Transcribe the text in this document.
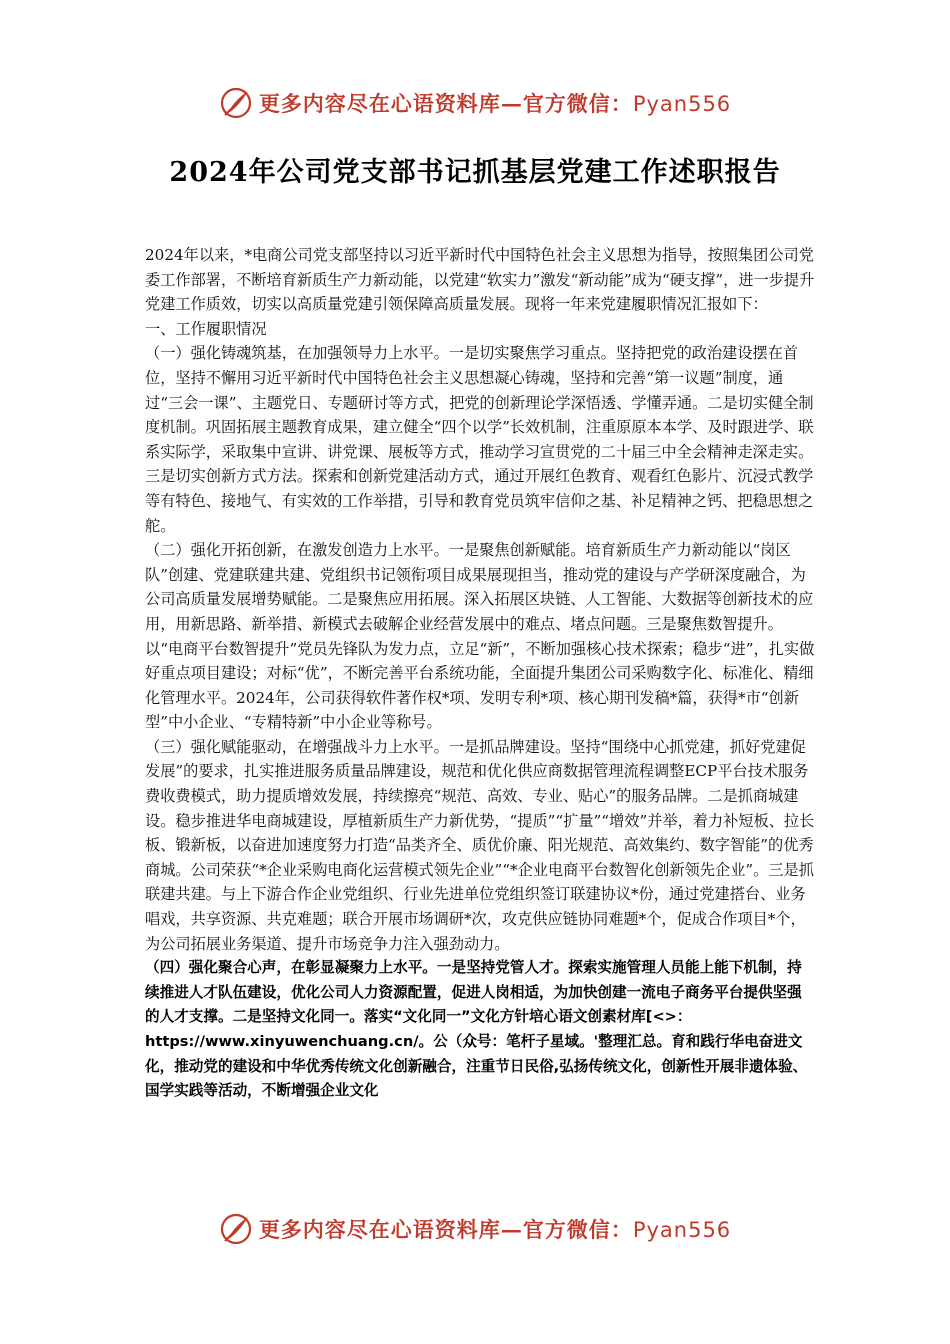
更多内容尽在心语资料库—官方微信：Pyan556
2024年公司党支部书记抓基层党建工作述职报告

2024年以来，*电商公司党支部坚持以习近平新时代中国特色社会主义思想为指导，按照集团公司党委工作部署，不断培育新质生产力新动能，以党建“软实力”激发“新动能”成为“硬支撑”，进一步提升党建工作质效，切实以高质量党建引领保障高质量发展。现将一年来党建履职情况汇报如下：

一、工作履职情况

（一）强化铸魂筑基，在加强领导力上水平。一是切实聚焦学习重点。坚持把党的政治建设摆在首位，坚持不懈用习近平新时代中国特色社会主义思想凝心铸魂，坚持和完善“第一议题”制度，通过“三会一课”、主题党日、专题研讨等方式，把党的创新理论学深悟透、学懂弄通。二是切实健全制度机制。巩固拓展主题教育成果，建立健全“四个以学”长效机制，注重原原本本学、及时跟进学、联系实际学，采取集中宣讲、讲党课、展板等方式，推动学习宣贯党的二十届三中全会精神走深走实。三是切实创新方式方法。探索和创新党建活动方式，通过开展红色教育、观看红色影片、沉浸式教学等有特色、接地气、有实效的工作举措，引导和教育党员筑牢信仰之基、补足精神之钙、把稳思想之舵。

（二）强化开拓创新，在激发创造力上水平。一是聚焦创新赋能。培育新质生产力新动能以“岗区队”创建、党建联建共建、党组织书记领衔项目成果展现担当，推动党的建设与产学研深度融合，为公司高质量发展增势赋能。二是聚焦应用拓展。深入拓展区块链、人工智能、大数据等创新技术的应用，用新思路、新举措、新模式去破解企业经营发展中的难点、堵点问题。三是聚焦数智提升。以“电商平台数智提升”党员先锋队为发力点，立足“新”，不断加强核心技术探索；稳步“进”，扎实做好重点项目建设；对标“优”，不断完善平台系统功能，全面提升集团公司采购数字化、标准化、精细化管理水平。2024年，公司获得软件著作权*项、发明专利*项、核心期刊发稿*篇，获得*市“创新型”中小企业、“专精特新”中小企业等称号。

（三）强化赋能驱动，在增强战斗力上水平。一是抓品牌建设。坚持“围绕中心抓党建，抓好党建促发展”的要求，扎实推进服务质量品牌建设，规范和优化供应商数据管理流程调整ECP平台技术服务费收费模式，助力提质增效发展，持续擦亮“规范、高效、专业、贴心”的服务品牌。二是抓商城建设。稳步推进华电商城建设，厚植新质生产力新优势，“提质”“扩量”“增效”并举，着力补短板、拉长板、锻新板，以奋进加速度努力打造“品类齐全、质优价廉、阳光规范、高效集约、数字智能”的优秀商城。公司荣获“*企业采购电商化运营模式领先企业”“*企业电商平台数智化创新领先企业”。三是抓联建共建。与上下游合作企业党组织、行业先进单位党组织签订联建协议*份，通过党建搭台、业务唱戏，共享资源、共克难题；联合开展市场调研*次，攻克供应链协同难题*个，促成合作项目*个，为公司拓展业务渠道、提升市场竞争力注入强劲动力。

（四）强化聚合心声，在彰显凝聚力上水平。一是坚持党管人才。探索实施管理人员能上能下机制，持续推进人才队伍建设，优化公司人力资源配置，促进人岗相适，为加快创建一流电子商务平台提供坚强的人才支撑。二是坚持文化同一。落实“文化同一”文化方针培心语文创素材库[<>：https://www.xinyuwenchuang.cn/。公（众号：笔杆子星域。'整理汇总。育和践行华电奋进文化，推动党的建设和中华优秀传统文化创新融合，注重节日民俗,弘扬传统文化，创新性开展非遗体验、国学实践等活动，不断增强企业文化

更多内容尽在心语资料库—官方微信：Pyan556
